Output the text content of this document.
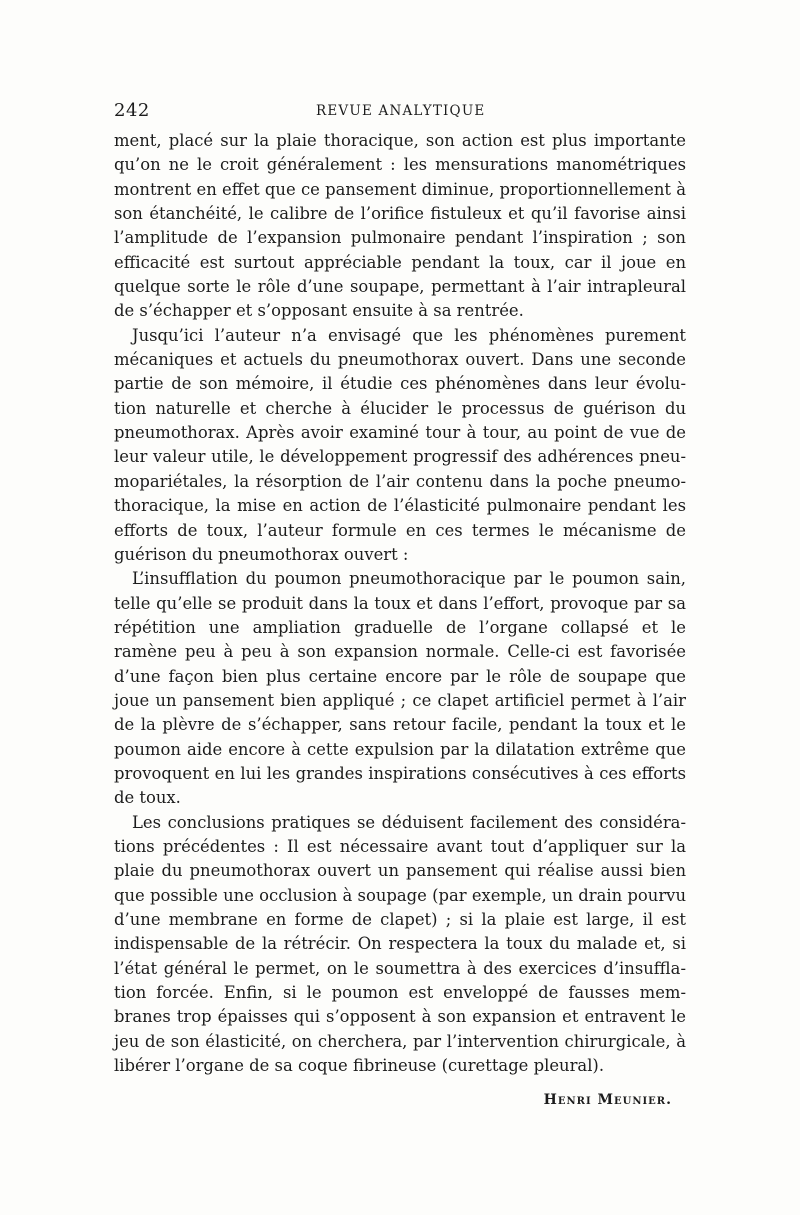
242	REVUE ANALYTIQUE

ment, placé sur la plaie thoracique, son action est plus importante qu’on ne le croit généralement : les mensurations manométriques montrent en effet que ce pansement diminue, proportionnellement à son étanchéité, le calibre de l’orifice fistuleux et qu’il favorise ainsi l’amplitude de l’expansion pulmonaire pendant l’inspiration ; son efficacité est surtout appréciable pendant la toux, car il joue en quelque sorte le rôle d’une soupape, permettant à l’air intrapleural de s’échapper et s’opposant ensuite à sa rentrée.

Jusqu’ici l’auteur n’a envisagé que les phénomènes purement mécaniques et actuels du pneumothorax ouvert. Dans une seconde partie de son mémoire, il étudie ces phénomènes dans leur évolution naturelle et cherche à élucider le processus de guérison du pneumothorax. Après avoir examiné tour à tour, au point de vue de leur valeur utile, le développement progressif des adhérences pneumopariétales, la résorption de l’air contenu dans la poche pneumothoracique, la mise en action de l’élasticité pulmonaire pendant les efforts de toux, l’auteur formule en ces termes le mécanisme de guérison du pneumothorax ouvert :

L’insufflation du poumon pneumothoracique par le poumon sain, telle qu’elle se produit dans la toux et dans l’effort, provoque par sa répétition une ampliation graduelle de l’organe collapsé et le ramène peu à peu à son expansion normale. Celle-ci est favorisée d’une façon bien plus certaine encore par le rôle de soupape que joue un pansement bien appliqué ; ce clapet artificiel permet à l’air de la plèvre de s’échapper, sans retour facile, pendant la toux et le poumon aide encore à cette expulsion par la dilatation extrême que provoquent en lui les grandes inspirations consécutives à ces efforts de toux.

Les conclusions pratiques se déduisent facilement des considérations précédentes : Il est nécessaire avant tout d’appliquer sur la plaie du pneumothorax ouvert un pansement qui réalise aussi bien que possible une occlusion à soupage (par exemple, un drain pourvu d’une membrane en forme de clapet) ; si la plaie est large, il est indispensable de la rétrécir. On respectera la toux du malade et, si l’état général le permet, on le soumettra à des exercices d’insufflation forcée. Enfin, si le poumon est enveloppé de fausses membranes trop épaisses qui s’opposent à son expansion et entravent le jeu de son élasticité, on cherchera, par l’intervention chirurgicale, à libérer l’organe de sa coque fibrineuse (curettage pleural).

Henri Meunier.
